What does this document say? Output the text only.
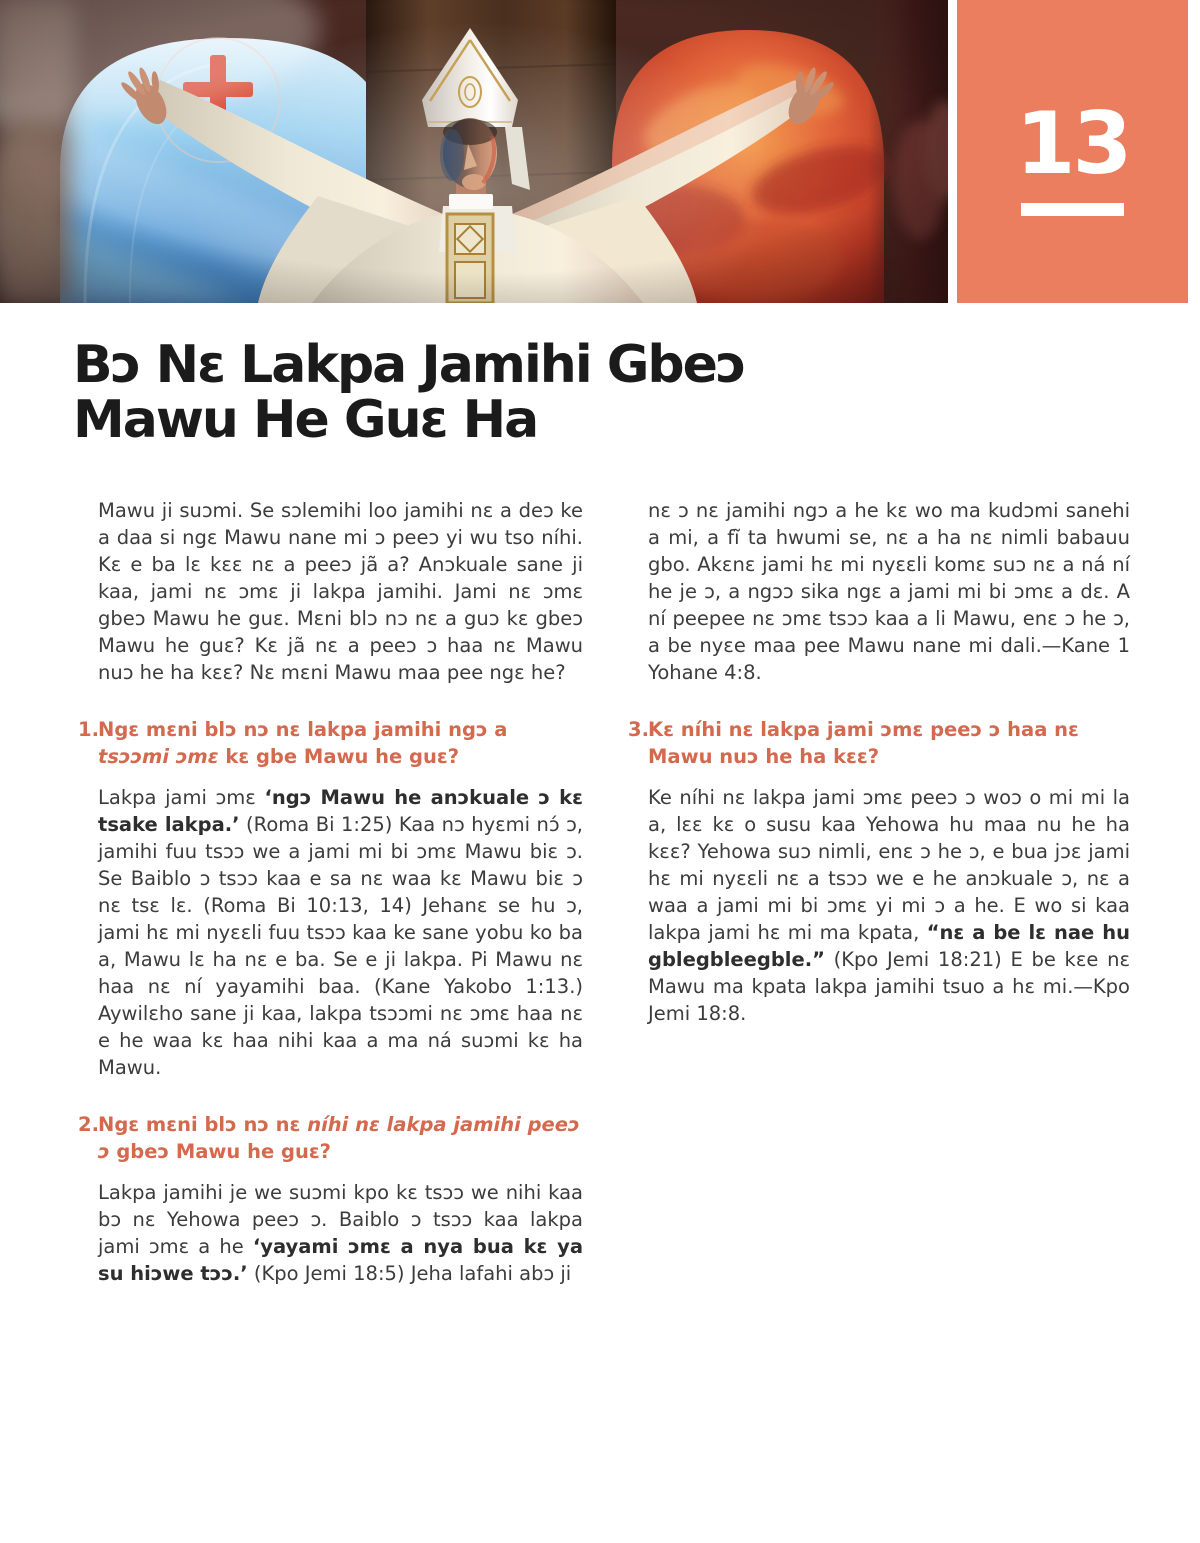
13
Bɔ Nɛ Lakpa Jamihi Gbeɔ
Mawu He Guɛ Ha

Mawu ji suɔmi. Se sɔlemihi loo jamihi nɛ a deɔ ke a daa si ngɛ Mawu nane mi ɔ peeɔ yi wu tso níhi. Kɛ e ba lɛ kɛɛ nɛ a peeɔ jã a? Anɔkuale sane ji kaa, jami nɛ ɔmɛ ji lakpa jamihi. Jami nɛ ɔmɛ gbeɔ Mawu he guɛ. Mɛni blɔ nɔ nɛ a guɔ kɛ gbeɔ Mawu he guɛ? Kɛ jã nɛ a peeɔ ɔ haa nɛ Mawu nuɔ he ha kɛɛ? Nɛ mɛni Mawu maa pee ngɛ he?

1. Ngɛ mɛni blɔ nɔ nɛ lakpa jamihi ngɔ a tsɔɔmi ɔmɛ kɛ gbe Mawu he guɛ?

Lakpa jami ɔmɛ ‘ngɔ Mawu he anɔkuale ɔ kɛ tsake lakpa.’ (Roma Bi 1:25) Kaa nɔ hyɛmi nɔ́ ɔ, jamihi fuu tsɔɔ we a jami mi bi ɔmɛ Mawu biɛ ɔ. Se Baiblo ɔ tsɔɔ kaa e sa nɛ waa kɛ Mawu biɛ ɔ nɛ tsɛ lɛ. (Roma Bi 10:13, 14) Jehanɛ se hu ɔ, jami hɛ mi nyɛɛli fuu tsɔɔ kaa ke sane yobu ko ba a, Mawu lɛ ha nɛ e ba. Se e ji lakpa. Pi Mawu nɛ haa nɛ ní yayamihi baa. (Kane Yakobo 1:13.) Aywilɛho sane ji kaa, lakpa tsɔɔmi nɛ ɔmɛ haa nɛ e he waa kɛ haa nihi kaa a ma ná suɔmi kɛ ha Mawu.

2. Ngɛ mɛni blɔ nɔ nɛ níhi nɛ lakpa jamihi peeɔ ɔ gbeɔ Mawu he guɛ?

Lakpa jamihi je we suɔmi kpo kɛ tsɔɔ we nihi kaa bɔ nɛ Yehowa peeɔ ɔ. Baiblo ɔ tsɔɔ kaa lakpa jami ɔmɛ a he ‘yayami ɔmɛ a nya bua kɛ ya su hiɔwe tɔɔ.’ (Kpo Jemi 18:5) Jeha lafahi abɔ ji

nɛ ɔ nɛ jamihi ngɔ a he kɛ wo ma kudɔmi sanehi a mi, a fĩ ta hwumi se, nɛ a ha nɛ nimli babauu gbo. Akɛnɛ jami hɛ mi nyɛɛli komɛ suɔ nɛ a ná ní he je ɔ, a ngɔɔ sika ngɛ a jami mi bi ɔmɛ a dɛ. A ní peepee nɛ ɔmɛ tsɔɔ kaa a li Mawu, enɛ ɔ he ɔ, a be nyɛe maa pee Mawu nane mi dali.—Kane 1 Yohane 4:8.

3. Kɛ níhi nɛ lakpa jami ɔmɛ peeɔ ɔ haa nɛ Mawu nuɔ he ha kɛɛ?

Ke níhi nɛ lakpa jami ɔmɛ peeɔ ɔ woɔ o mi mi la a, lɛɛ kɛ o susu kaa Yehowa hu maa nu he ha kɛɛ? Yehowa suɔ nimli, enɛ ɔ he ɔ, e bua jɔɛ jami hɛ mi nyɛɛli nɛ a tsɔɔ we e he anɔkuale ɔ, nɛ a waa a jami mi bi ɔmɛ yi mi ɔ a he. E wo si kaa lakpa jami hɛ mi ma kpata, “nɛ a be lɛ nae hu gblegbleegble.” (Kpo Jemi 18:21) E be kɛe nɛ Mawu ma kpata lakpa jamihi tsuo a hɛ mi.—Kpo Jemi 18:8.
